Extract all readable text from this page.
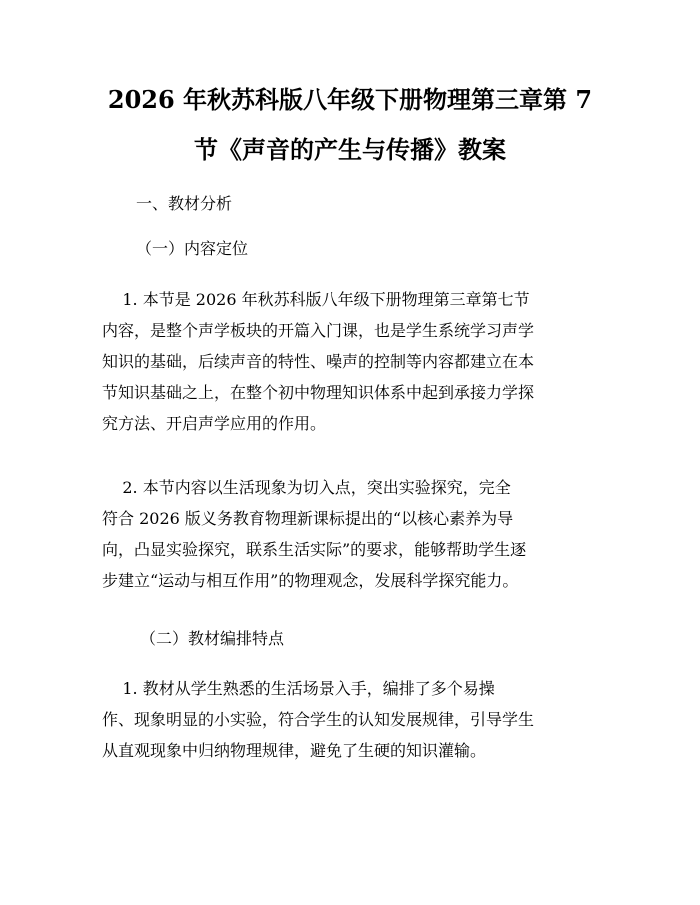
2026 年秋苏科版八年级下册物理第三章第 7
节《声音的产生与传播》教案
一、教材分析
（一）内容定位
1. 本节是 2026 年秋苏科版八年级下册物理第三章第七节
内容，是整个声学板块的开篇入门课，也是学生系统学习声学
知识的基础，后续声音的特性、噪声的控制等内容都建立在本
节知识基础之上，在整个初中物理知识体系中起到承接力学探
究方法、开启声学应用的作用。
2. 本节内容以生活现象为切入点，突出实验探究，完全
符合 2026 版义务教育物理新课标提出的“以核心素养为导
向，凸显实验探究，联系生活实际”的要求，能够帮助学生逐
步建立“运动与相互作用”的物理观念，发展科学探究能力。
（二）教材编排特点
1. 教材从学生熟悉的生活场景入手，编排了多个易操
作、现象明显的小实验，符合学生的认知发展规律，引导学生
从直观现象中归纳物理规律，避免了生硬的知识灌输。
